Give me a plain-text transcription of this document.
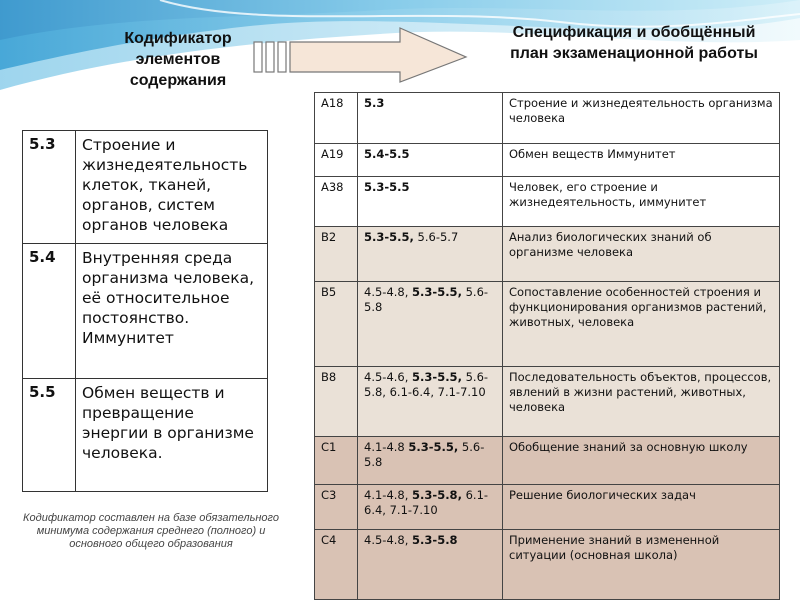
Кодификатор элементов содержания
Спецификация и обобщённый план экзаменационной работы
5.3	Строение и жизнедеятельность клеток, тканей, органов, систем органов человека
5.4	Внутренняя среда организма человека, её относительное постоянство. Иммунитет
5.5	Обмен веществ и превращение энергии в организме человека.
Кодификатор составлен на базе обязательного минимума содержания среднего (полного) и основного общего образования
А18	5.3	Строение и жизнедеятельность организма человека
А19	5.4-5.5	Обмен веществ Иммунитет
А38	5.3-5.5	Человек, его строение и жизнедеятельность, иммунитет
В2	5.3-5.5, 5.6-5.7	Анализ биологических знаний об организме человека
В5	4.5-4.8, 5.3-5.5, 5.6-5.8	Сопоставление особенностей строения и функционирования организмов растений, животных, человека
В8	4.5-4.6, 5.3-5.5, 5.6-5.8, 6.1-6.4, 7.1-7.10	Последовательность объектов, процессов, явлений в жизни растений, животных, человека
С1	4.1-4.8 5.3-5.5, 5.6-5.8	Обобщение знаний за основную школу
С3	4.1-4.8, 5.3-5.8, 6.1-6.4, 7.1-7.10	Решение биологических задач
С4	4.5-4.8, 5.3-5.8	Применение знаний в измененной ситуации (основная школа)
